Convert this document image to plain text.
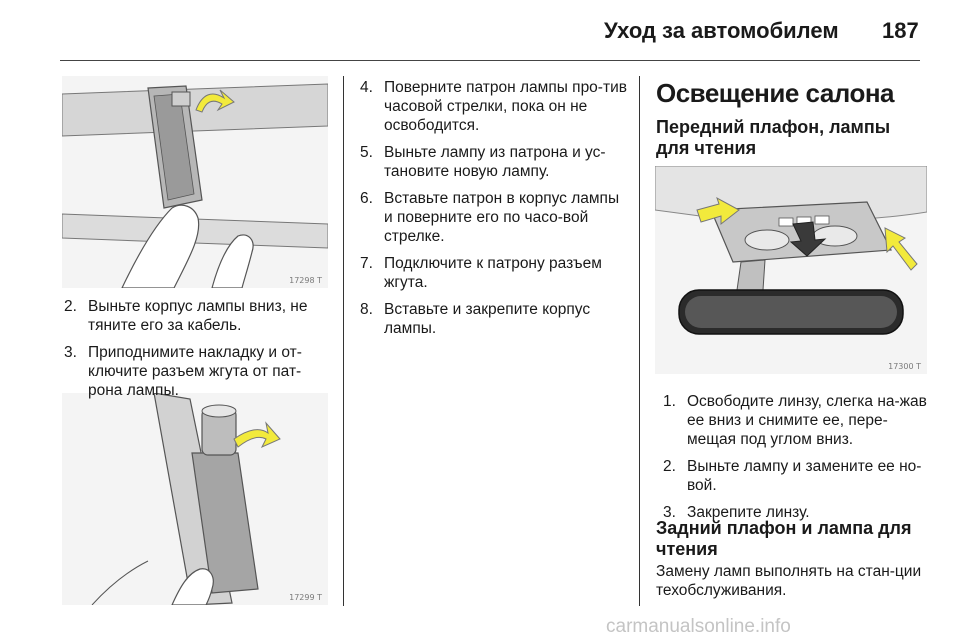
Уход за автомобилем 187
17298 T
17299 T
17300 T
2. Выньте корпус лампы вниз, не тяните его за кабель.
3. Приподнимите накладку и от-ключите разъем жгута от пат-рона лампы.
4. Поверните патрон лампы про-тив часовой стрелки, пока он не освободится.
5. Выньте лампу из патрона и ус-тановите новую лампу.
6. Вставьте патрон в корпус лампы и поверните его по часо-вой стрелке.
7. Подключите к патрону разъем жгута.
8. Вставьте и закрепите корпус лампы.
Освещение салона
Передний плафон, лампы для чтения
1. Освободите линзу, слегка на-жав ее вниз и снимите ее, пере-мещая под углом вниз.
2. Выньте лампу и замените ее но-вой.
3. Закрепите линзу.
Задний плафон и лампа для чтения
Замену ламп выполнять на стан-ции техобслуживания.
carmanualsonline.info
